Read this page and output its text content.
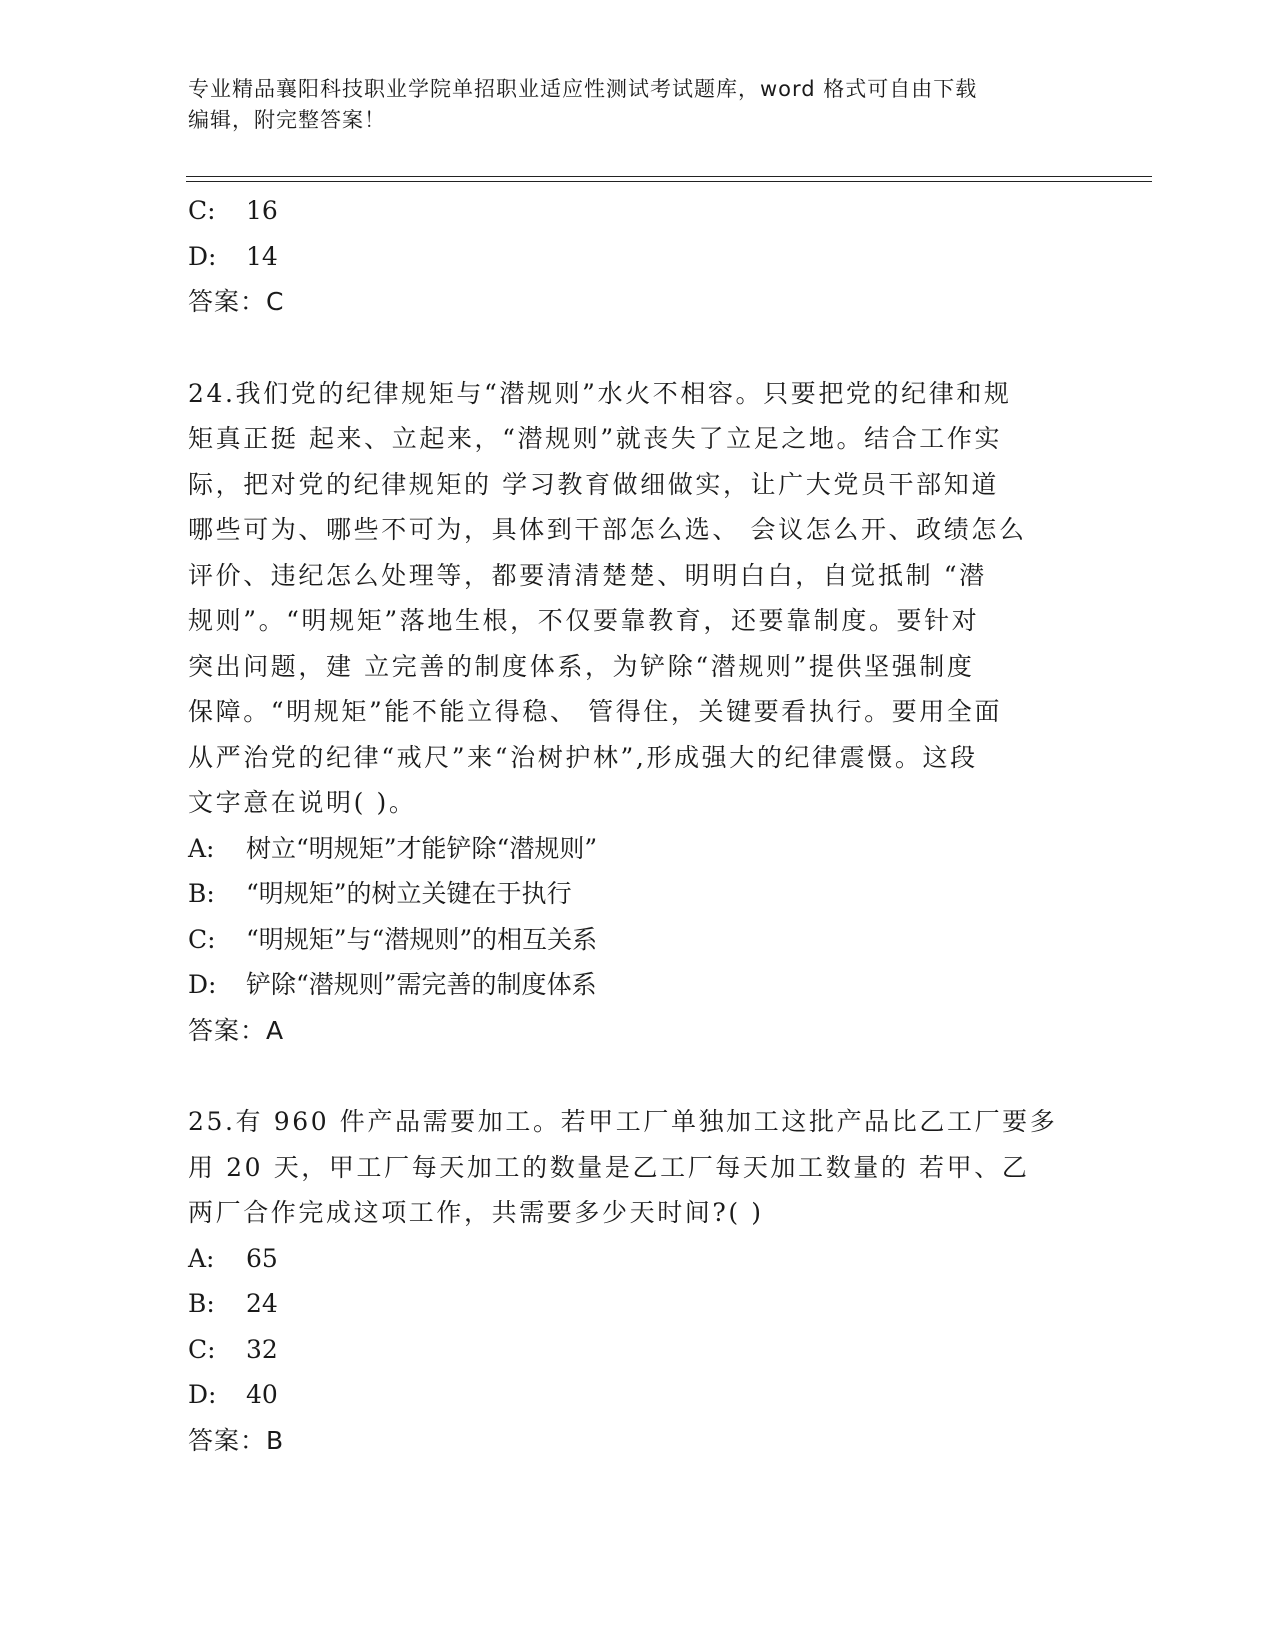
专业精品襄阳科技职业学院单招职业适应性测试考试题库，word 格式可自由下载
编辑，附完整答案！
C: 16
D: 14
答案：C
24.我们党的纪律规矩与“潜规则”水火不相容。只要把党的纪律和规
矩真正挺 起来、立起来，“潜规则”就丧失了立足之地。结合工作实
际，把对党的纪律规矩的 学习教育做细做实，让广大党员干部知道
哪些可为、哪些不可为，具体到干部怎么选、 会议怎么开、政绩怎么
评价、违纪怎么处理等，都要清清楚楚、明明白白，自觉抵制 “潜
规则”。“明规矩”落地生根，不仅要靠教育，还要靠制度。要针对
突出问题，建 立完善的制度体系，为铲除“潜规则”提供坚强制度
保障。“明规矩”能不能立得稳、 管得住，关键要看执行。要用全面
从严治党的纪律“戒尺”来“治树护林”,形成强大的纪律震慑。这段
文字意在说明( )。
A: 树立“明规矩”才能铲除“潜规则”
B: “明规矩”的树立关键在于执行
C: “明规矩”与“潜规则”的相互关系
D: 铲除“潜规则”需完善的制度体系
答案：A
25.有 960 件产品需要加工。若甲工厂单独加工这批产品比乙工厂要多
用 20 天，甲工厂每天加工的数量是乙工厂每天加工数量的 若甲、乙
两厂合作完成这项工作，共需要多少天时间?( )
A: 65
B: 24
C: 32
D: 40
答案：B
